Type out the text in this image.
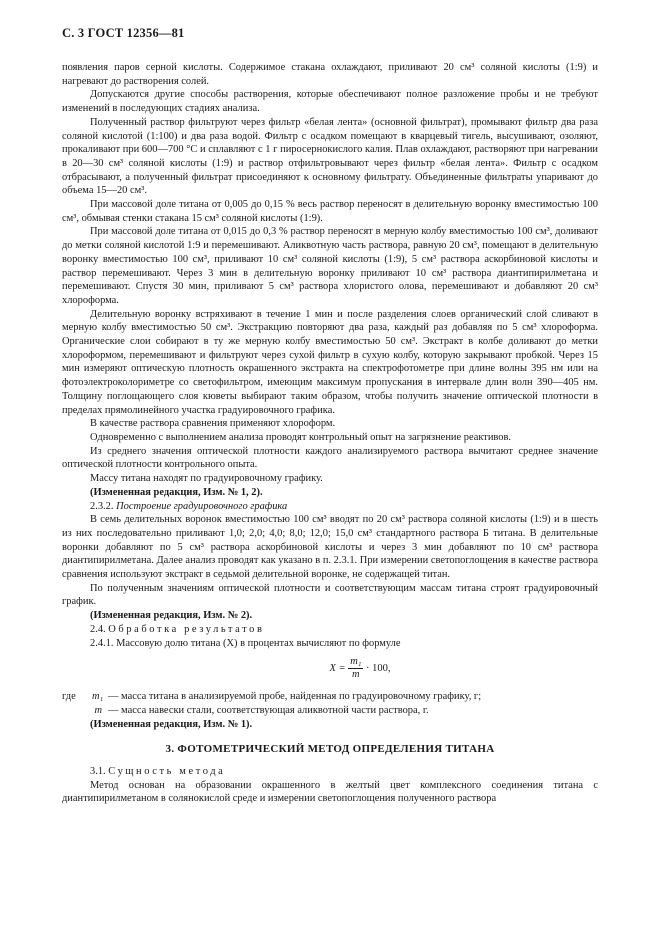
С. 3 ГОСТ 12356—81

появления паров серной кислоты. Содержимое стакана охлаждают, приливают 20 см³ соляной кислоты (1:9) и нагревают до растворения солей.

Допускаются другие способы растворения, которые обеспечивают полное разложение пробы и не требуют изменений в последующих стадиях анализа.

Полученный раствор фильтруют через фильтр «белая лента» (основной фильтрат), промывают фильтр два раза соляной кислотой (1:100) и два раза водой. Фильтр с осадком помещают в кварцевый тигель, высушивают, озоляют, прокаливают при 600—700 °С и сплавляют с 1 г пиросернокислого калия. Плав охлаждают, растворяют при нагревании в 20—30 см³ соляной кислоты (1:9) и раствор отфильтровывают через фильтр «белая лента». Фильтр с осадком отбрасывают, а полученный фильтрат присоединяют к основному фильтрату. Объединенные фильтраты упаривают до объема 15—20 см³.

При массовой доле титана от 0,005 до 0,15 % весь раствор переносят в делительную воронку вместимостью 100 см³, обмывая стенки стакана 15 см³ соляной кислоты (1:9).

При массовой доле титана от 0,015 до 0,3 % раствор переносят в мерную колбу вместимостью 100 см³, доливают до метки соляной кислотой 1:9 и перемешивают. Аликвотную часть раствора, равную 20 см³, помещают в делительную воронку вместимостью 100 см³, приливают 10 см³ соляной кислоты (1:9), 5 см³ раствора аскорбиновой кислоты и раствор перемешивают. Через 3 мин в делительную воронку приливают 10 см³ раствора диантипирилметана и перемешивают. Спустя 30 мин, приливают 5 см³ раствора хлористого олова, перемешивают и добавляют 20 см³ хлороформа.

Делительную воронку встряхивают в течение 1 мин и после разделения слоев органический слой сливают в мерную колбу вместимостью 50 см³. Экстракцию повторяют два раза, каждый раз добавляя по 5 см³ хлороформа. Органические слои собирают в ту же мерную колбу вместимостью 50 см³. Экстракт в колбе доливают до метки хлороформом, перемешивают и фильтруют через сухой фильтр в сухую колбу, которую закрывают пробкой. Через 15 мин измеряют оптическую плотность окрашенного экстракта на спектрофотометре при длине волны 395 нм или на фотоэлектроколориметре со светофильтром, имеющим максимум пропускания в интервале длин волн 390—405 нм. Толщину поглощающего слоя кюветы выбирают таким образом, чтобы получить значение оптической плотности в пределах прямолинейного участка градуировочного графика.

В качестве раствора сравнения применяют хлороформ.

Одновременно с выполнением анализа проводят контрольный опыт на загрязнение реактивов.

Из среднего значения оптической плотности каждого анализируемого раствора вычитают среднее значение оптической плотности контрольного опыта.

Массу титана находят по градуировочному графику.

(Измененная редакция, Изм. № 1, 2).

2.3.2. Построение градуировочного графика

В семь делительных воронок вместимостью 100 см³ вводят по 20 см³ раствора соляной кислоты (1:9) и в шесть из них последовательно приливают 1,0; 2,0; 4,0; 8,0; 12,0; 15,0 см³ стандартного раствора Б титана. В делительные воронки добавляют по 5 см³ раствора аскорбиновой кислоты и через 3 мин добавляют по 10 см³ раствора диантипирилметана. Далее анализ проводят как указано в п. 2.3.1. При измерении светопоглощения в качестве раствора сравнения используют экстракт в седьмой делительной воронке, не содержащей титан.

По полученным значениям оптической плотности и соответствующим массам титана строят градуировочный график.

(Измененная редакция, Изм. № 2).

2.4. Обработка результатов

2.4.1. Массовую долю титана (X) в процентах вычисляют по формуле

$X = \frac{\text{m₁}}{m} \cdot 100$,
где	m₁ — масса титана в анализируемой пробе, найденная по градуировочному графику, г;
m — масса навески стали, соответствующая аликвотной части раствора, г.

(Измененная редакция, Изм. № 1).

3. ФОТОМЕТРИЧЕСКИЙ МЕТОД ОПРЕДЕЛЕНИЯ ТИТАНА

3.1. Сущность метода

Метод основан на образовании окрашенного в желтый цвет комплексного соединения титана с диантипирилметаном в солянокислой среде и измерении светопоглощения полученного раствора
